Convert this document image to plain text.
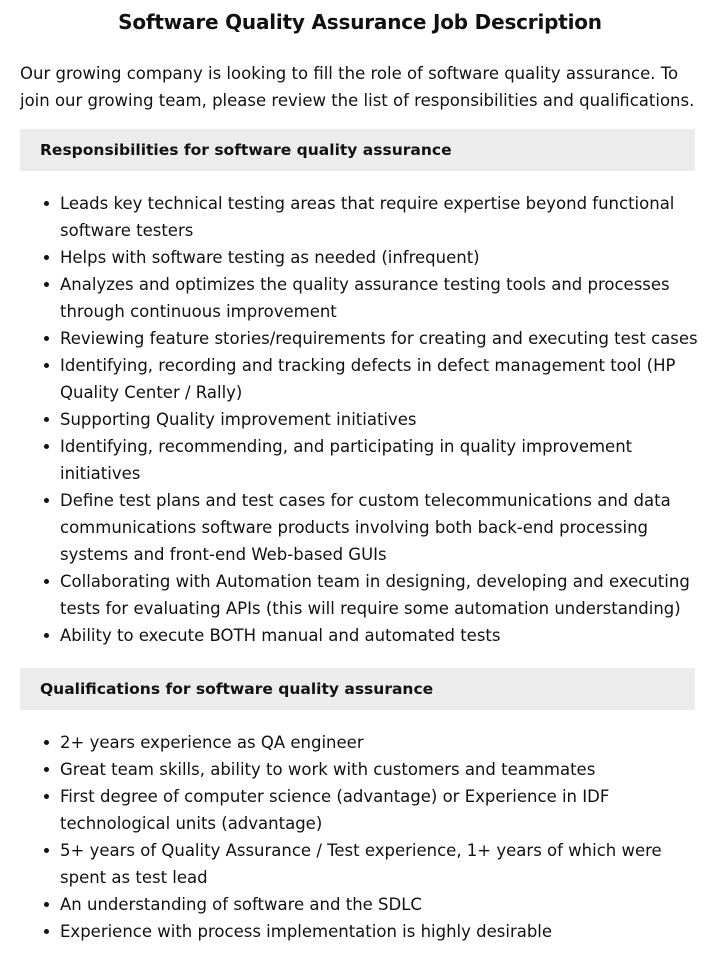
Software Quality Assurance Job Description

Our growing company is looking to fill the role of software quality assurance. To join our growing team, please review the list of responsibilities and qualifications.

Responsibilities for software quality assurance
Leads key technical testing areas that require expertise beyond functional software testers
Helps with software testing as needed (infrequent)
Analyzes and optimizes the quality assurance testing tools and processes through continuous improvement
Reviewing feature stories/requirements for creating and executing test cases
Identifying, recording and tracking defects in defect management tool (HP Quality Center / Rally)
Supporting Quality improvement initiatives
Identifying, recommending, and participating in quality improvement initiatives
Define test plans and test cases for custom telecommunications and data communications software products involving both back-end processing systems and front-end Web-based GUIs
Collaborating with Automation team in designing, developing and executing tests for evaluating APIs (this will require some automation understanding)
Ability to execute BOTH manual and automated tests
Qualifications for software quality assurance
2+ years experience as QA engineer
Great team skills, ability to work with customers and teammates
First degree of computer science (advantage) or Experience in IDF technological units (advantage)
5+ years of Quality Assurance / Test experience, 1+ years of which were spent as test lead
An understanding of software and the SDLC
Experience with process implementation is highly desirable
